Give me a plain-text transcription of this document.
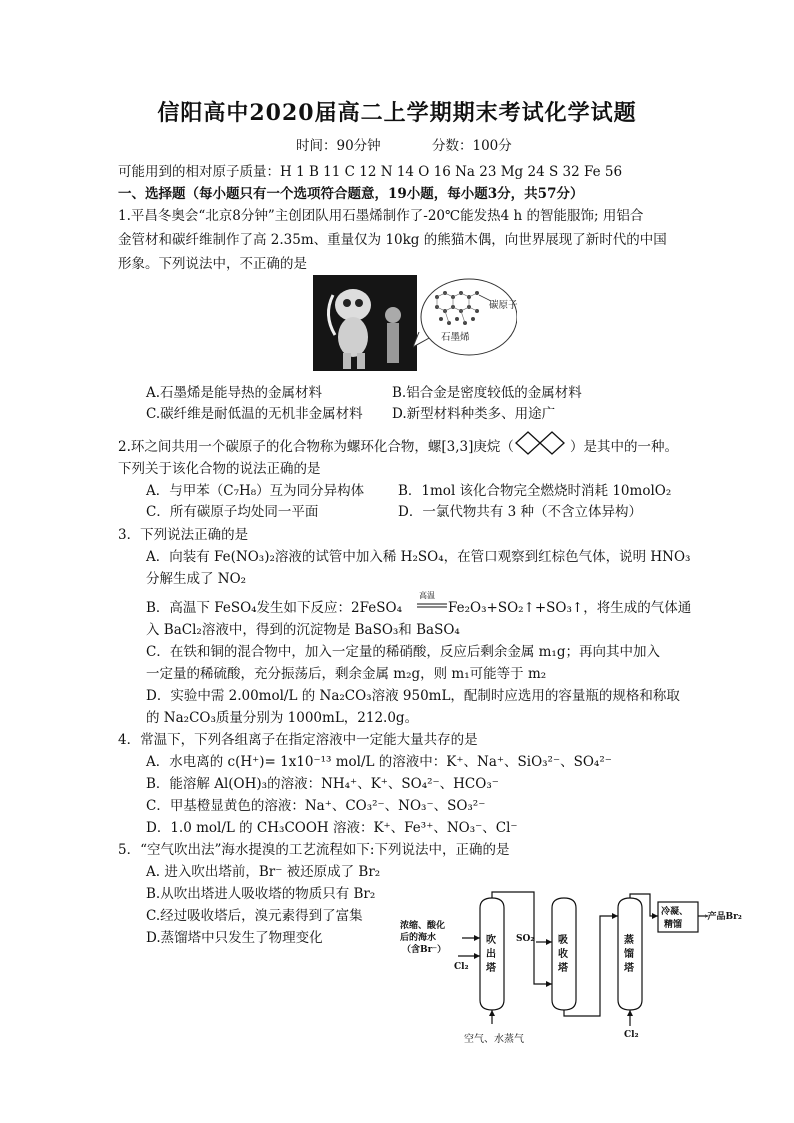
信阳高中2020届高二上学期期末考试化学试题
时间：90分钟	分数：100分
可能用到的相对原子质量：H 1 B 11 C 12 N 14 O 16 Na 23 Mg 24 S 32 Fe 56
一、选择题（每小题只有一个选项符合题意，19小题，每小题3分，共57分）
1.平昌冬奥会“北京8分钟”主创团队用石墨烯制作了-20℃能发热4 h 的智能服饰; 用铝合
金管材和碳纤维制作了高 2.35m、重量仅为 10kg 的熊猫木偶，向世界展现了新时代的中国
形象。下列说法中，不正确的是
碳原子
石墨烯
A.石墨烯是能导热的金属材料	B.铝合金是密度较低的金属材料
C.碳纤维是耐低温的无机非金属材料 D.新型材料种类多、用途广
2.环之间共用一个碳原子的化合物称为螺环化合物，螺[3,3]庚烷（	）是其中的一种。
下列关于该化合物的说法正确的是
A．与甲苯（C₇H₈）互为同分异构体	B．1mol 该化合物完全燃烧时消耗 10molO₂
C．所有碳原子均处同一平面	D．一氯代物共有 3 种（不含立体异构）
3．下列说法正确的是
A．向装有 Fe(NO₃)₂溶液的试管中加入稀 H₂SO₄，在管口观察到红棕色气体，说明 HNO₃
分解生成了 NO₂
B．高温下 FeSO₄发生如下反应：2FeSO₄
高温
Fe₂O₃+SO₂↑+SO₃↑，将生成的气体通
入 BaCl₂溶液中，得到的沉淀物是 BaSO₃和 BaSO₄
C．在铁和铜的混合物中，加入一定量的稀硝酸，反应后剩余金属 m₁g；再向其中加入
一定量的稀硫酸，充分振荡后，剩余金属 m₂g，则 m₁可能等于 m₂
D．实验中需 2.00mol/L 的 Na₂CO₃溶液 950mL，配制时应选用的容量瓶的规格和称取
的 Na₂CO₃质量分别为 1000mL，212.0g。
4．常温下，下列各组离子在指定溶液中一定能大量共存的是
A．水电离的 c(H⁺)= 1x10⁻¹³ mol/L 的溶液中：K⁺、Na⁺、SiO₃²⁻、SO₄²⁻
B．能溶解 Al(OH)₃的溶液：NH₄⁺、K⁺、SO₄²⁻、HCO₃⁻
C．甲基橙显黄色的溶液：Na⁺、CO₃²⁻、NO₃⁻、SO₃²⁻
D．1.0 mol/L 的 CH₃COOH 溶液：K⁺、Fe³⁺、NO₃⁻、Cl⁻
5．“空气吹出法”海水提溴的工艺流程如下:下列说法中，正确的是
A. 进入吹出塔前，Br⁻ 被还原成了 Br₂
B.从吹出塔进人吸收塔的物质只有 Br₂
C.经过吸收塔后，溴元素得到了富集
D.蒸馏塔中只发生了物理变化
浓缩、酸化
后的海水
（含Br⁻）
Cl₂
吹
出
塔
SO₂ 吸
收
塔
蒸
馏
塔
冷凝、
精馏
→产品Br₂
空气、水蒸气	Cl₂
